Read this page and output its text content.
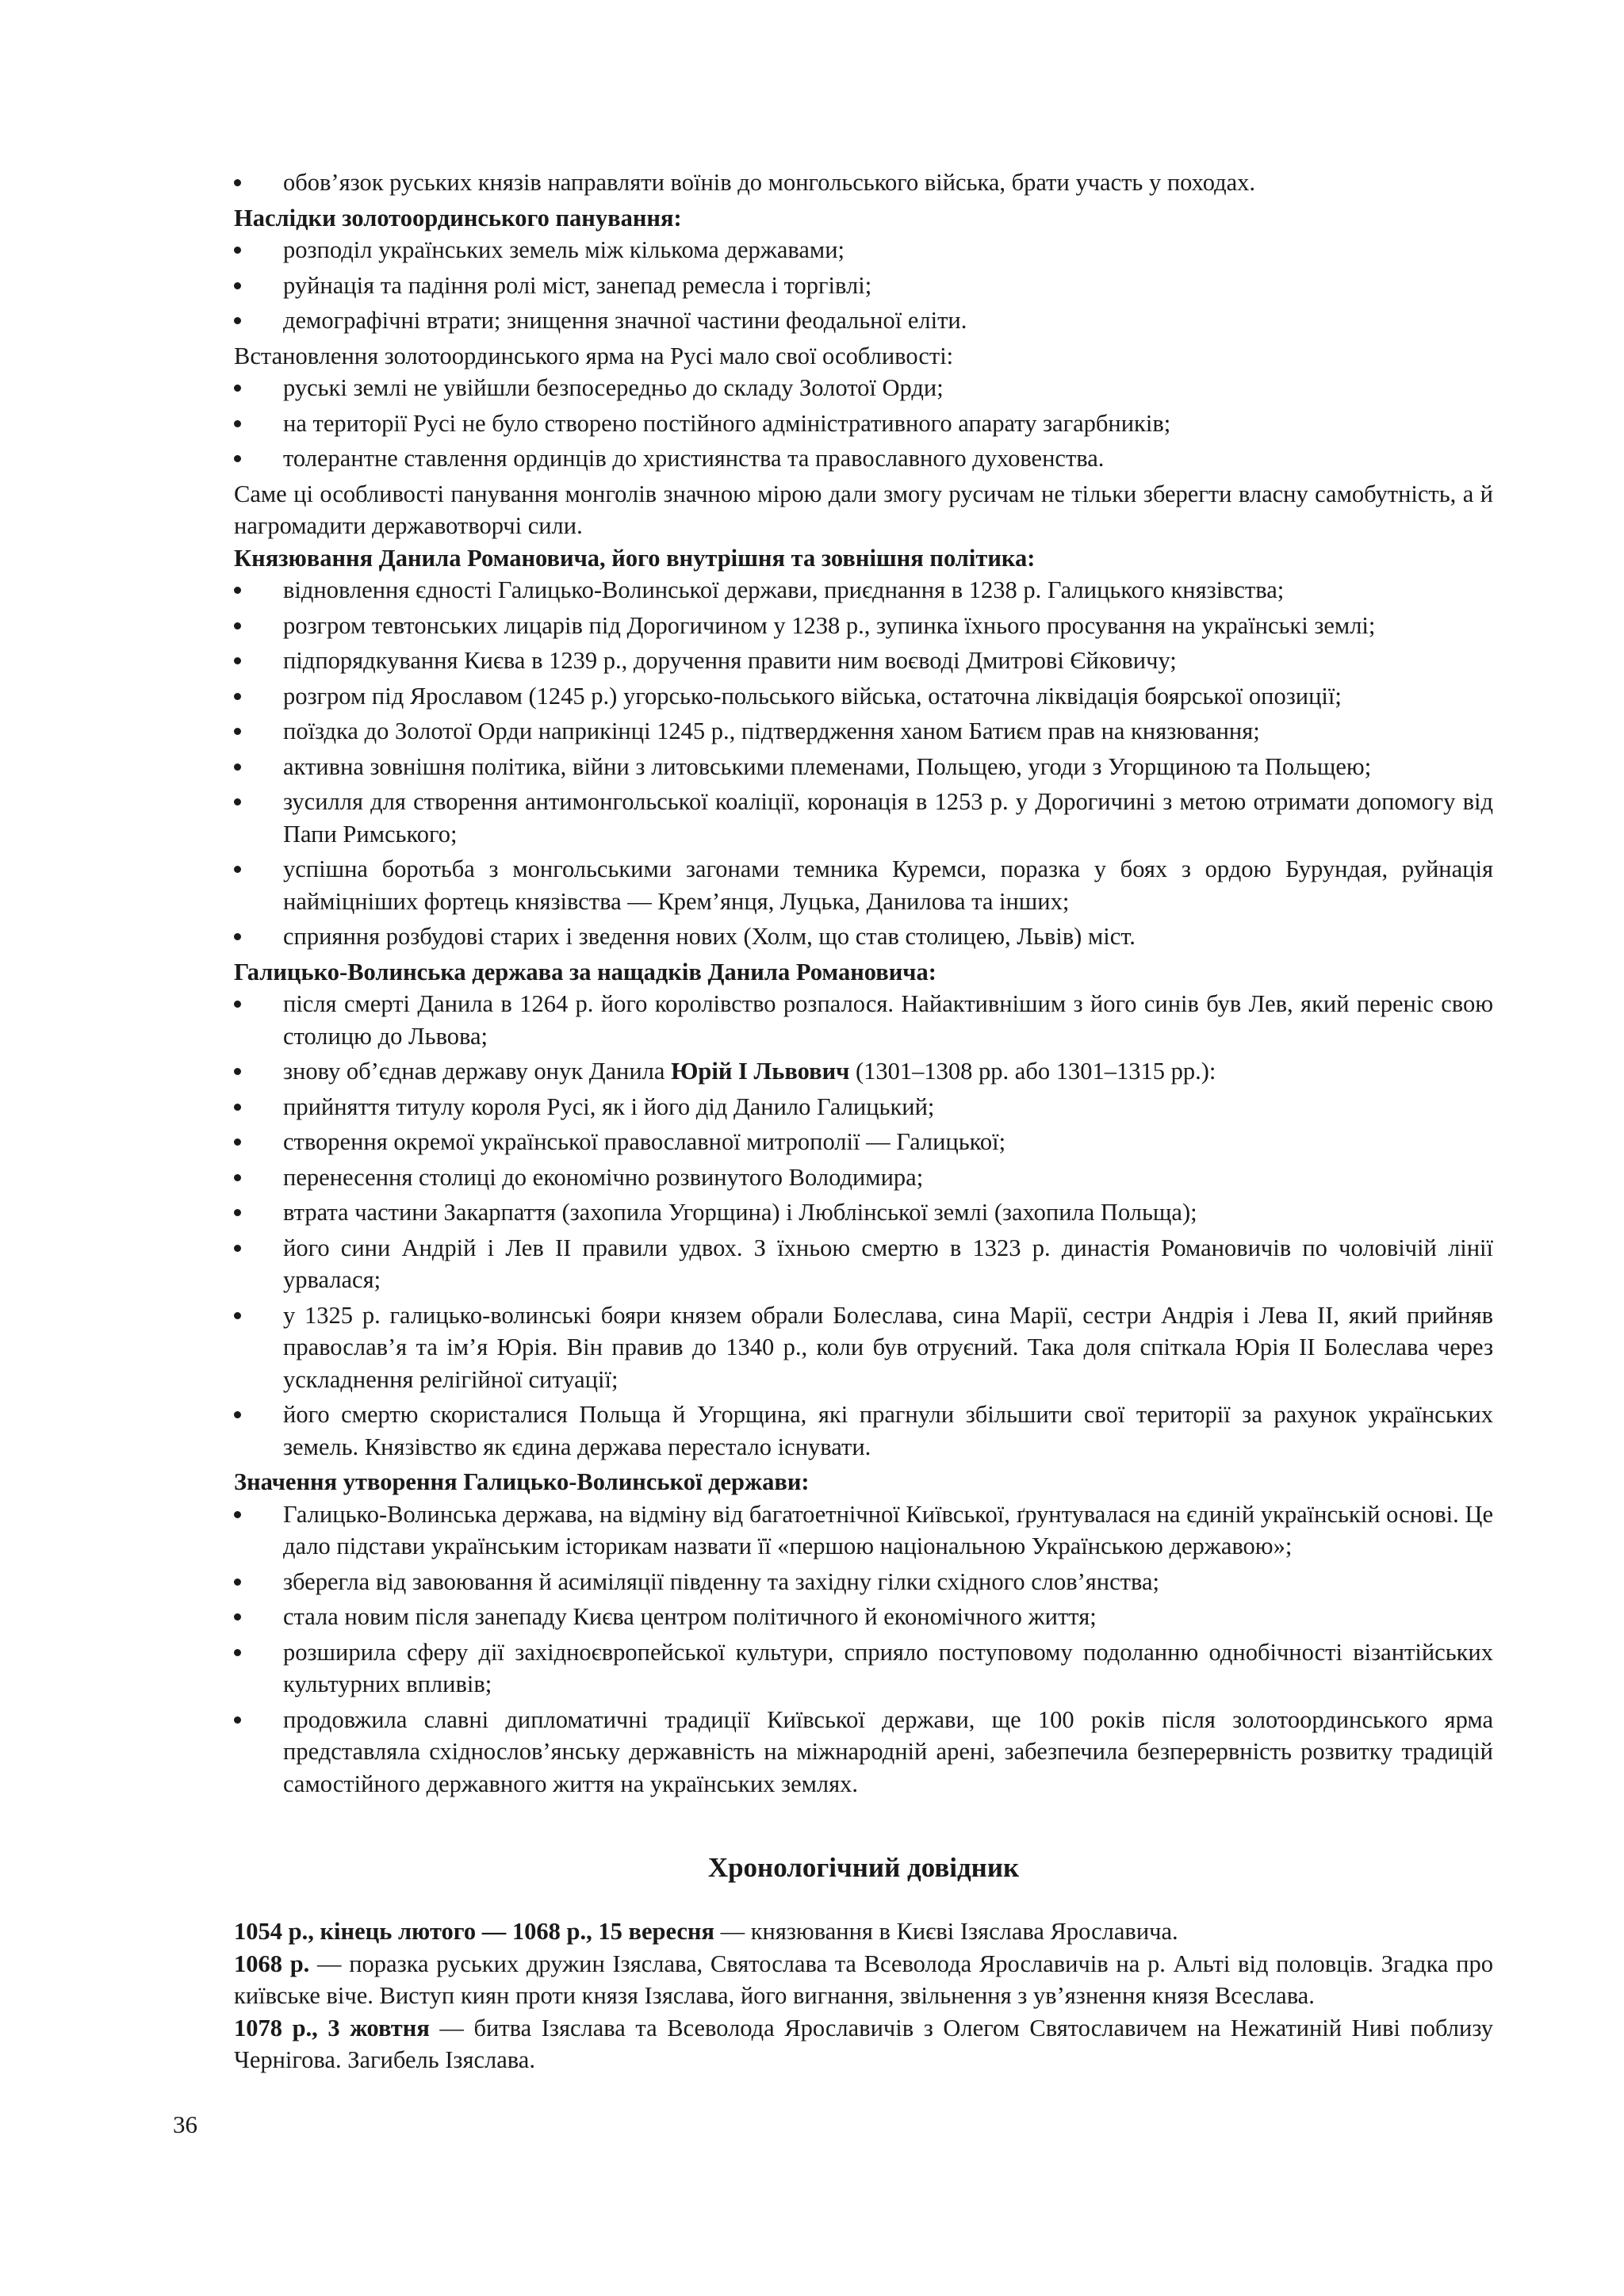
обов’язок руських князів направляти воїнів до монгольського війська, брати участь у походах.

Наслідки золотоординського панування:

розподіл українських земель між кількома державами;
руйнація та падіння ролі міст, занепад ремесла і торгівлі;
демографічні втрати; знищення значної частини феодальної еліти.

Встановлення золотоординського ярма на Русі мало свої особливості:

руські землі не увійшли безпосередньо до складу Золотої Орди;
на території Русі не було створено постійного адміністративного апарату загарбників;
толерантне ставлення ординців до християнства та православного духовенства.

Саме ці особливості панування монголів значною мірою дали змогу русичам не тільки зберегти власну самобутність, а й нагромадити державотворчі сили.

Князювання Данила Романовича, його внутрішня та зовнішня політика:

відновлення єдності Галицько-Волинської держави, приєднання в 1238 р. Галицького князівства;
розгром тевтонських лицарів під Дорогичином у 1238 р., зупинка їхнього просування на українські землі;
підпорядкування Києва в 1239 р., доручення правити ним воєводі Дмитрові Єйковичу;
розгром під Ярославом (1245 р.) угорсько-польського війська, остаточна ліквідація боярської опозиції;
поїздка до Золотої Орди наприкінці 1245 р., підтвердження ханом Батиєм прав на князювання;
активна зовнішня політика, війни з литовськими племенами, Польщею, угоди з Угорщиною та Польщею;
зусилля для створення антимонгольської коаліції, коронація в 1253 р. у Дорогичині з метою отримати допомогу від Папи Римського;
успішна боротьба з монгольськими загонами темника Куремси, поразка у боях з ордою Бурундая, руйнація наймiцніших фортець князівства — Крем’янця, Луцька, Данилова та інших;
сприяння розбудові старих і зведення нових (Холм, що став столицею, Львів) міст.

Галицько-Волинська держава за нащадків Данила Романовича:

після смерті Данила в 1264 р. його королівство розпалося. Найактивнішим з його синів був Лев, який переніс свою столицю до Львова;
знову об’єднав державу онук Данила Юрій I Львович (1301–1308 рр. або 1301–1315 рр.):
прийняття титулу короля Русі, як і його дід Данило Галицький;
створення окремої української православної митрополії — Галицької;
перенесення столиці до економічно розвинутого Володимира;
втрата частини Закарпаття (захопила Угорщина) і Люблінської землі (захопила Польща);
його сини Андрій і Лев II правили удвох. З їхньою смертю в 1323 р. династія Романовичів по чоловічій лінії урвалася;
у 1325 р. галицько-волинські бояри князем обрали Болеслава, сина Марії, сестри Андрія і Лева II, який прийняв православ’я та ім’я Юрія. Він правив до 1340 р., коли був отруєний. Така доля спіткала Юрія II Болеслава через ускладнення релігійної ситуації;
його смертю скористалися Польща й Угорщина, які прагнули збільшити свої території за рахунок українських земель. Князівство як єдина держава перестало існувати.

Значення утворення Галицько-Волинської держави:

Галицько-Волинська держава, на відміну від багатоетнічної Київської, ґрунтувалася на єдиній українській основі. Це дало підстави українським історикам назвати її «першою національною Українською державою»;
зберегла від завоювання й асиміляції південну та західну гілки східного слов’янства;
стала новим після занепаду Києва центром політичного й економічного життя;
розширила сферу дії західноєвропейської культури, сприяло поступовому подоланню однобічності візантійських культурних впливів;
продовжила славні дипломатичні традиції Київської держави, ще 100 років після золотоординського ярма представляла східнослов’янську державність на міжнародній арені, забезпечила безперервність розвитку традицій самостійного державного життя на українських землях.
Хронологічний довідник

1054 р., кінець лютого — 1068 р., 15 вересня — князювання в Києві Ізяслава Ярославича.

1068 р. — поразка руських дружин Ізяслава, Святослава та Всеволода Ярославичів на р. Альті від половців. Згадка про київське віче. Виступ киян проти князя Ізяслава, його вигнання, звільнення з ув’язнення князя Всеслава.

1078 р., 3 жовтня — битва Ізяслава та Всеволода Ярославичів з Олегом Святославичем на Нежатиній Ниві поблизу Чернігова. Загибель Ізяслава.

36
